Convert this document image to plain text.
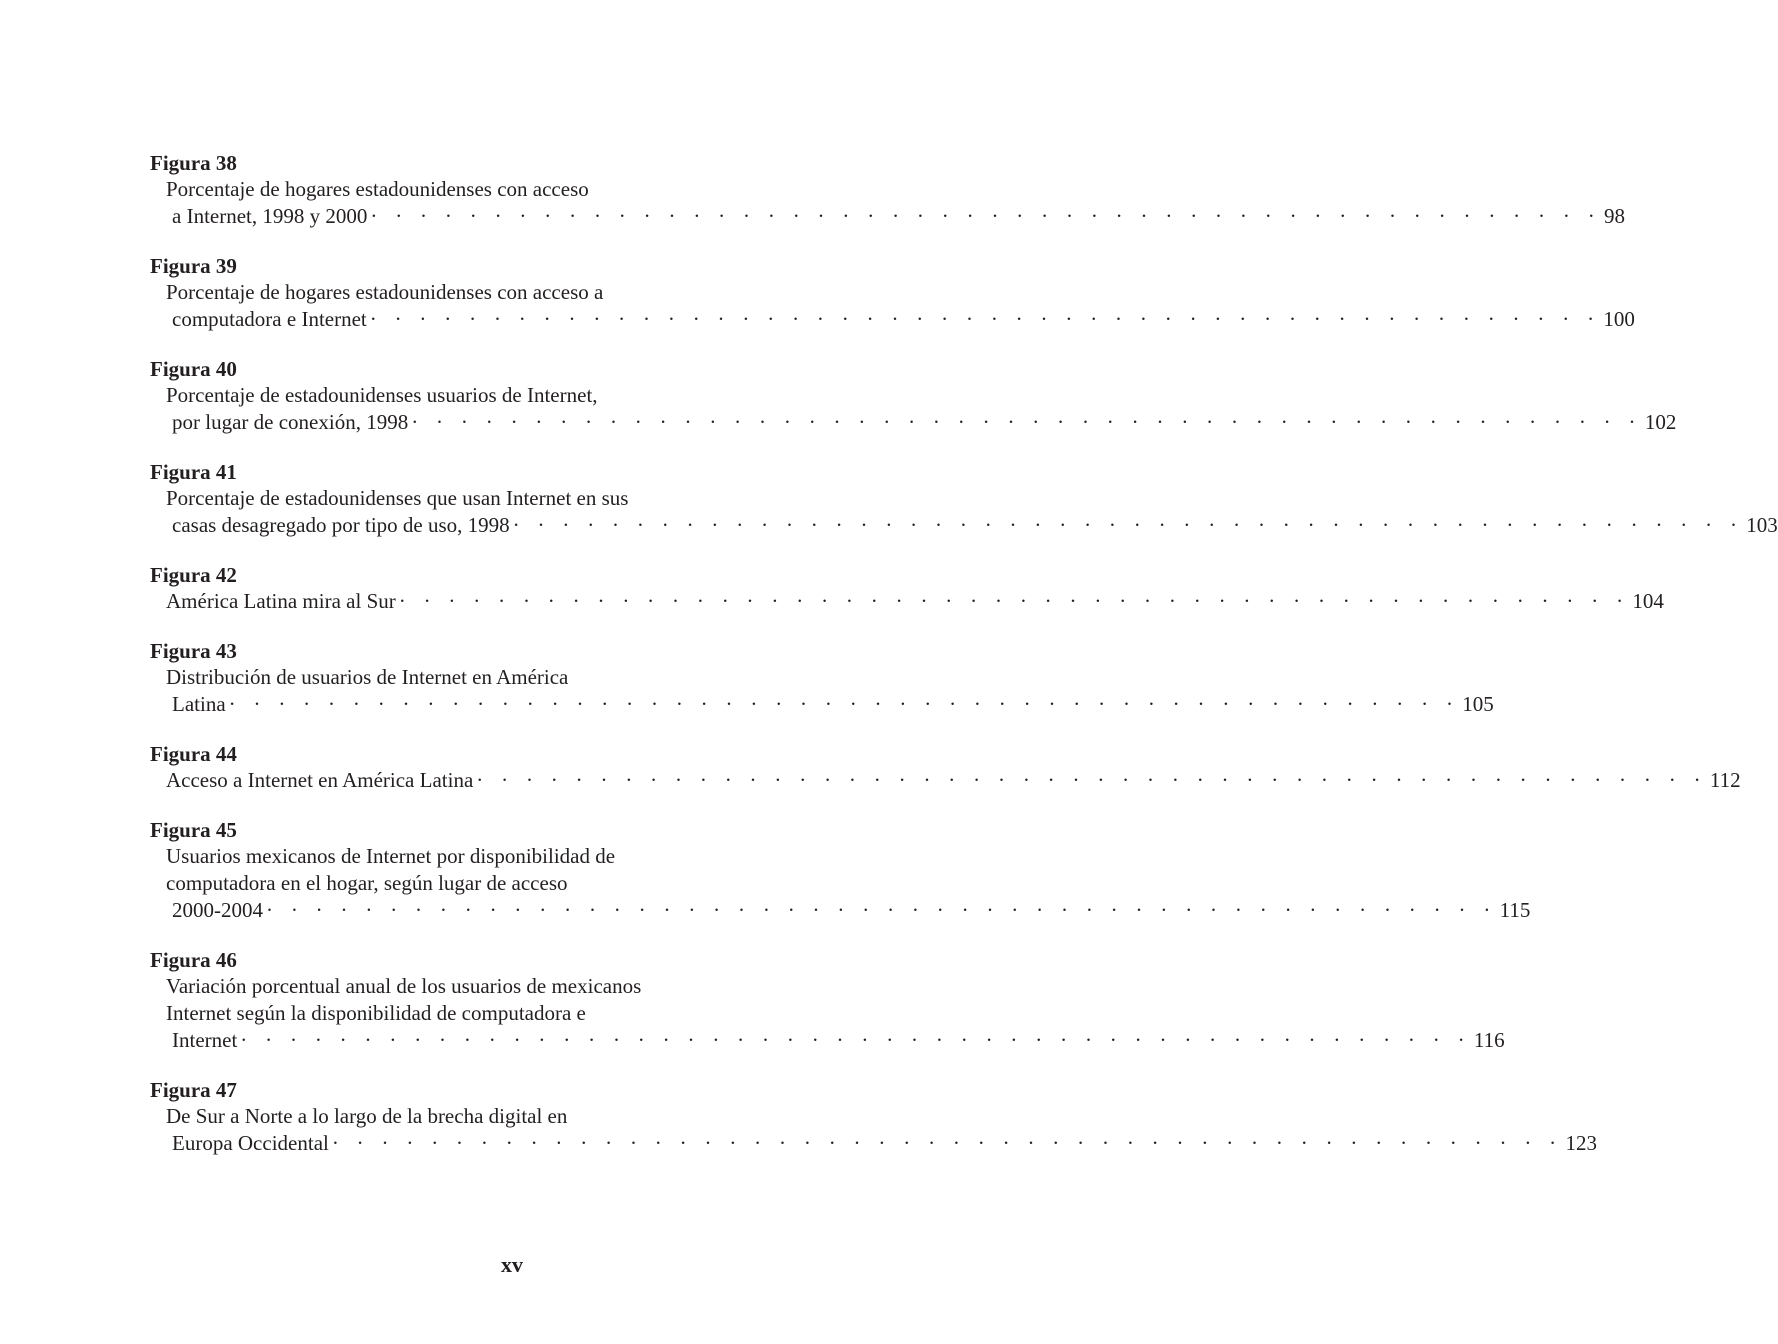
Figura 38
Porcentaje de hogares estadounidenses con acceso
a Internet, 1998 y 2000 · · · · · · · · · · · · · · · · · · · · · · · · · · · · · · · · · · · · · · · · · · · · · · · · · · 98
Figura 39
Porcentaje de hogares estadounidenses con acceso a
computadora e Internet · · · · · · · · · · · · · · · · · · · · · · · · · · · · · · · · · · · · · · · · · · · · · · · · · · 100
Figura 40
Porcentaje de estadounidenses usuarios de Internet,
por lugar de conexión, 1998 · · · · · · · · · · · · · · · · · · · · · · · · · · · · · · · · · · · · · · · · · · · · · · · · · · 102
Figura 41
Porcentaje de estadounidenses que usan Internet en sus
casas desagregado por tipo de uso, 1998 · · · · · · · · · · · · · · · · · · · · · · · · · · · · · · · · · · · · · · · · · · · · · · · · · · 103
Figura 42
América Latina mira al Sur · · · · · · · · · · · · · · · · · · · · · · · · · · · · · · · · · · · · · · · · · · · · · · · · · · 104
Figura 43
Distribución de usuarios de Internet en América
Latina · · · · · · · · · · · · · · · · · · · · · · · · · · · · · · · · · · · · · · · · · · · · · · · · · · 105
Figura 44
Acceso a Internet en América Latina · · · · · · · · · · · · · · · · · · · · · · · · · · · · · · · · · · · · · · · · · · · · · · · · · · 112
Figura 45
Usuarios mexicanos de Internet por disponibilidad de
computadora en el hogar, según lugar de acceso
2000-2004 · · · · · · · · · · · · · · · · · · · · · · · · · · · · · · · · · · · · · · · · · · · · · · · · · · 115
Figura 46
Variación porcentual anual de los usuarios de mexicanos
Internet según la disponibilidad de computadora e
Internet · · · · · · · · · · · · · · · · · · · · · · · · · · · · · · · · · · · · · · · · · · · · · · · · · · 116
Figura 47
De Sur a Norte a lo largo de la brecha digital en
Europa Occidental · · · · · · · · · · · · · · · · · · · · · · · · · · · · · · · · · · · · · · · · · · · · · · · · · · 123
xv
